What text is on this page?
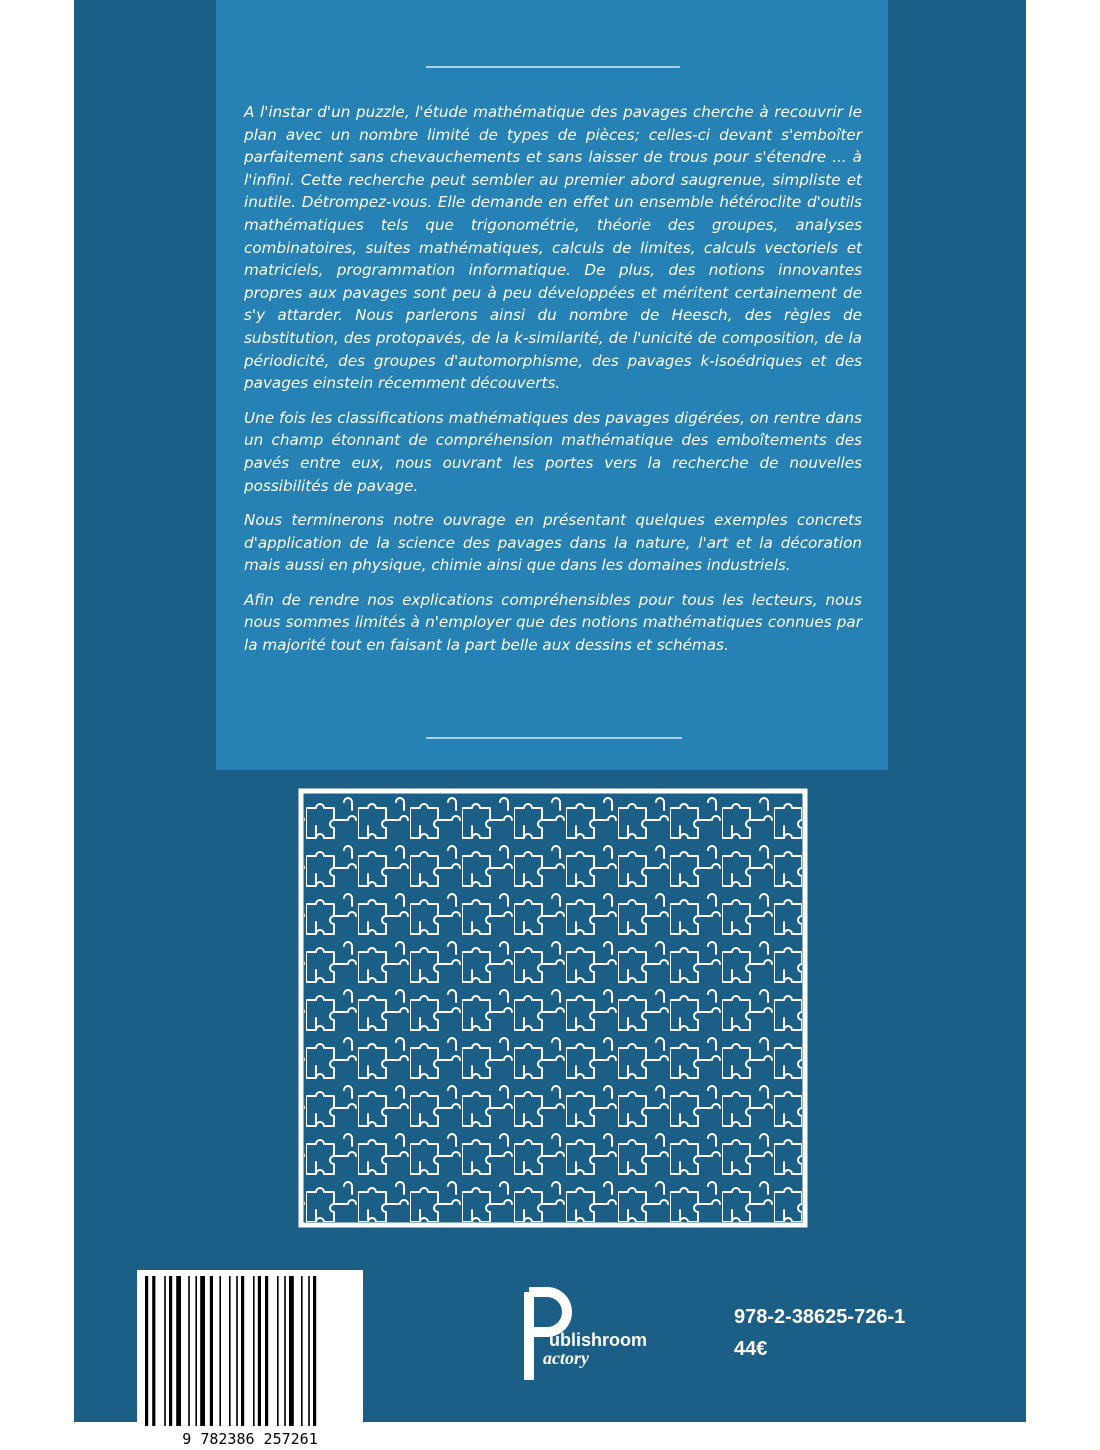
A l'instar d'un puzzle, l'étude mathématique des pavages cherche à recouvrir le plan avec un nombre limité de types de pièces; celles-ci devant s'emboîter parfaitement sans chevauchements et sans laisser de trous pour s'étendre ... à l'infini. Cette recherche peut sembler au premier abord saugrenue, simpliste et inutile. Détrompez-vous. Elle demande en effet un ensemble hétéroclite d'outils mathématiques tels que trigonométrie, théorie des groupes, analyses combinatoires, suites mathématiques, calculs de limites, calculs vectoriels et matriciels, programmation informatique. De plus, des notions innovantes propres aux pavages sont peu à peu développées et méritent certainement de s'y attarder. Nous parlerons ainsi du nombre de Heesch, des règles de substitution, des protopavés, de la k-similarité, de l'unicité de composition, de la périodicité, des groupes d'automorphisme, des pavages k-isoédriques et des pavages einstein récemment découverts.

Une fois les classifications mathématiques des pavages digérées, on rentre dans un champ étonnant de compréhension mathématique des emboîtements des pavés entre eux, nous ouvrant les portes vers la recherche de nouvelles possibilités de pavage.

Nous terminerons notre ouvrage en présentant quelques exemples concrets d'application de la science des pavages dans la nature, l'art et la décoration mais aussi en physique, chimie ainsi que dans les domaines industriels.

Afin de rendre nos explications compréhensibles pour tous les lecteurs, nous nous sommes limités à n'employer que des notions mathématiques connues par la majorité tout en faisant la part belle aux dessins et schémas.

9 782386 257261
ublishroom
actory
978-2-38625-726-1
44€
